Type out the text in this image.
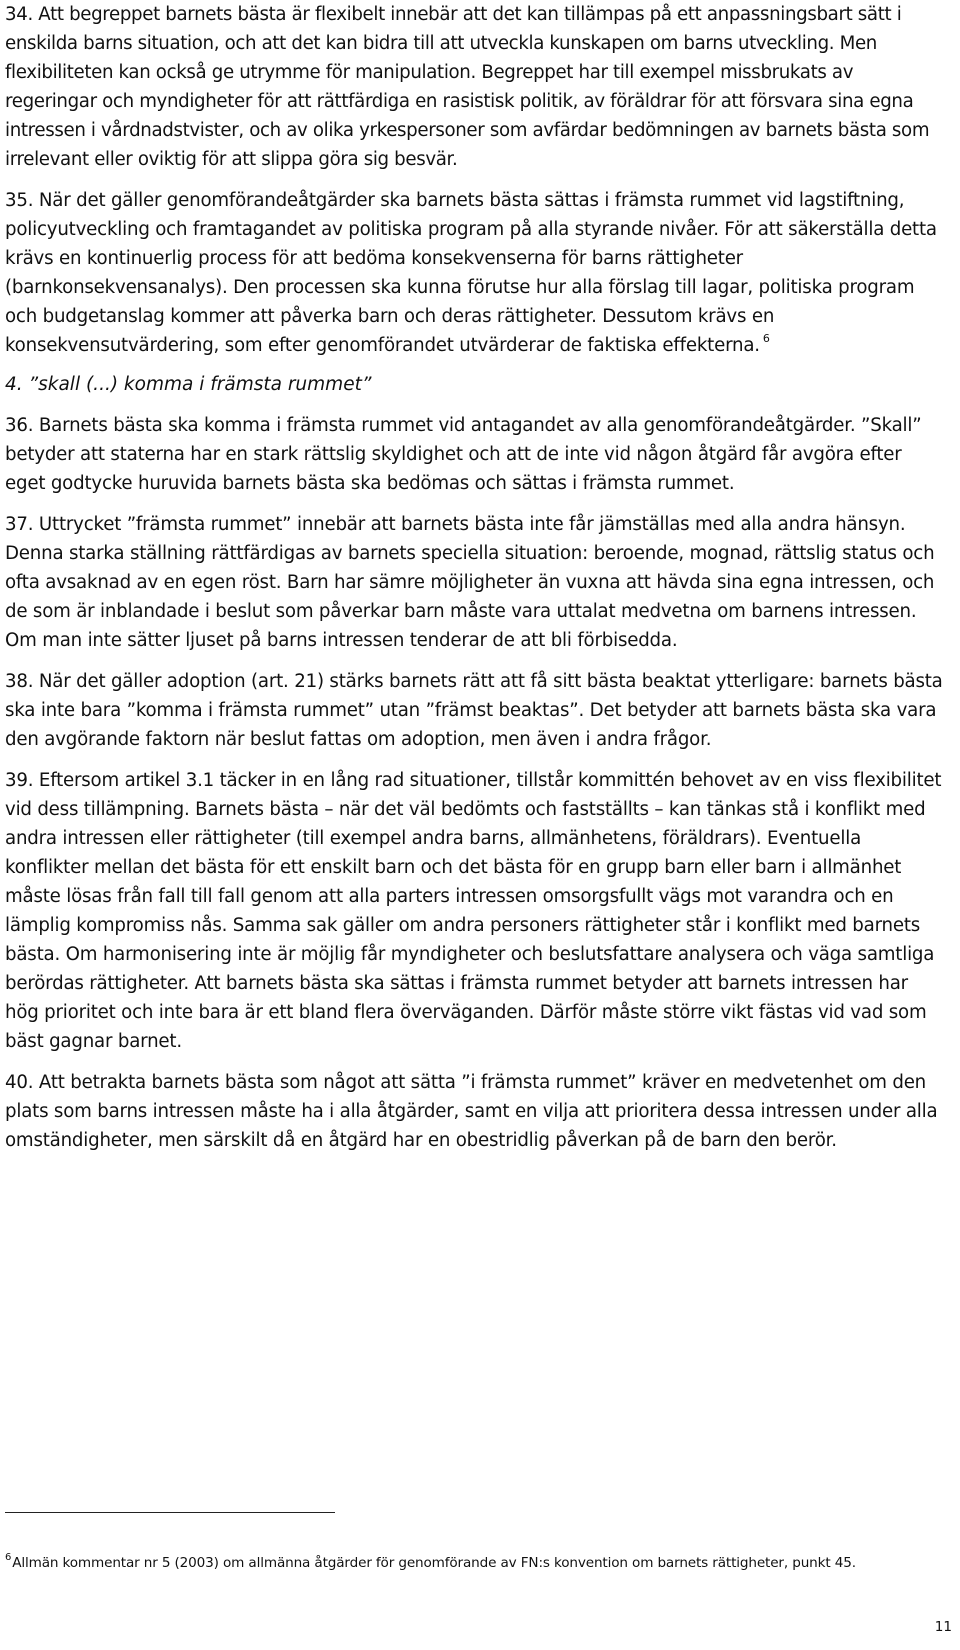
34. Att begreppet barnets bästa är flexibelt innebär att det kan tillämpas på ett anpassningsbart sätt i enskilda barns situation, och att det kan bidra till att utveckla kunskapen om barns utveckling. Men flexibiliteten kan också ge utrymme för manipulation. Begreppet har till exempel missbrukats av regeringar och myndigheter för att rättfärdiga en rasistisk politik, av föräldrar för att försvara sina egna intressen i vårdnadstvister, och av olika yrkespersoner som avfärdar bedömningen av barnets bästa som irrelevant eller oviktig för att slippa göra sig besvär.

35. När det gäller genomförandeåtgärder ska barnets bästa sättas i främsta rummet vid lagstiftning, policyutveckling och framtagandet av politiska program på alla styrande nivåer. För att säkerställa detta krävs en kontinuerlig process för att bedöma konsekvenserna för barns rättigheter (barnkonsekvensanalys). Den processen ska kunna förutse hur alla förslag till lagar, politiska program och budgetanslag kommer att påverka barn och deras rättigheter. Dessutom krävs en konsekvensutvärdering, som efter genomförandet utvärderar de faktiska effekterna. $^6$

4. ”skall (...) komma i främsta rummet”

36. Barnets bästa ska komma i främsta rummet vid antagandet av alla genomförandeåtgärder. ”Skall” betyder att staterna har en stark rättslig skyldighet och att de inte vid någon åtgärd får avgöra efter eget godtycke huruvida barnets bästa ska bedömas och sättas i främsta rummet.

37. Uttrycket ”främsta rummet” innebär att barnets bästa inte får jämställas med alla andra hänsyn. Denna starka ställning rättfärdigas av barnets speciella situation: beroende, mognad, rättslig status och ofta avsaknad av en egen röst. Barn har sämre möjligheter än vuxna att hävda sina egna intressen, och de som är inblandade i beslut som påverkar barn måste vara uttalat medvetna om barnens intressen. Om man inte sätter ljuset på barns intressen tenderar de att bli förbisedda.

38. När det gäller adoption (art. 21) stärks barnets rätt att få sitt bästa beaktat ytterligare: barnets bästa ska inte bara ”komma i främsta rummet” utan ”främst beaktas”. Det betyder att barnets bästa ska vara den avgörande faktorn när beslut fattas om adoption, men även i andra frågor.

39. Eftersom artikel 3.1 täcker in en lång rad situationer, tillstår kommittén behovet av en viss flexibilitet vid dess tillämpning. Barnets bästa – när det väl bedömts och fastställts – kan tänkas stå i konflikt med andra intressen eller rättigheter (till exempel andra barns, allmänhetens, föräldrars). Eventuella konflikter mellan det bästa för ett enskilt barn och det bästa för en grupp barn eller barn i allmänhet måste lösas från fall till fall genom att alla parters intressen omsorgsfullt vägs mot varandra och en lämplig kompromiss nås. Samma sak gäller om andra personers rättigheter står i konflikt med barnets bästa. Om harmonisering inte är möjlig får myndigheter och beslutsfattare analysera och väga samtliga berördas rättigheter. Att barnets bästa ska sättas i främsta rummet betyder att barnets intressen har hög prioritet och inte bara är ett bland flera överväganden. Därför måste större vikt fästas vid vad som bäst gagnar barnet.

40. Att betrakta barnets bästa som något att sätta ”i främsta rummet” kräver en medvetenhet om den plats som barns intressen måste ha i alla åtgärder, samt en vilja att prioritera dessa intressen under alla omständigheter, men särskilt då en åtgärd har en obestridlig påverkan på de barn den berör.

$^6$Allmän kommentar nr 5 (2003) om allmänna åtgärder för genomförande av FN:s konvention om barnets rättigheter, punkt 45.
11
